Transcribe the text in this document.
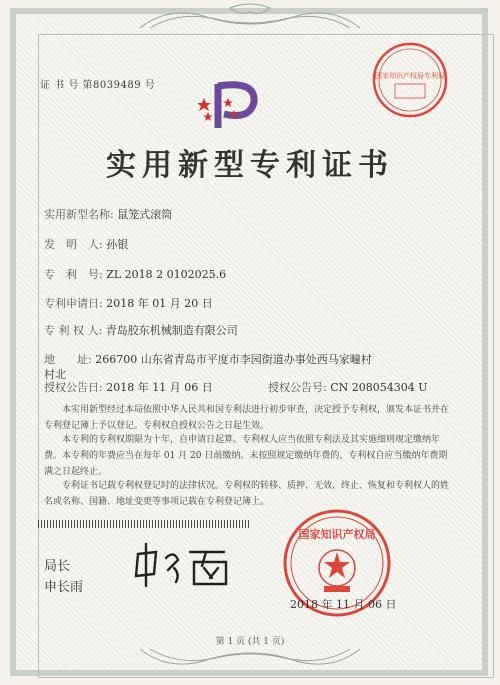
证 书 号 第8039489 号
国家知识产权局专利局
实用新型专利证书
实用新型名称: 鼠笼式滚筒
发　明　人: 孙银
专　利　号: ZL 2018 2 0102025.6
专利申请日: 2018 年 01 月 20 日
专 利 权 人: 青岛胶东机械制造有限公司
地　　址: 266700 山东省青岛市平度市李园街道办事处西马家疃村
村北
授权公告日: 2018 年 11 月 06 日	授权公告号: CN 208054304 U
本实用新型经过本局依照中华人民共和国专利法进行初步审查，决定授予专利权，颁发本证书并在专利登记簿上予以登记。专利权自授权公告之日起生效。
本专利的专利权期限为十年，自申请日起算。专利权人应当依照专利法及其实施细则规定缴纳年费。本专利的年费应当在每年 01 月 20 日前缴纳。未按照规定缴纳年费的，专利权自应当缴纳年费期满之日起终止。
专利证书记载专利权登记时的法律状况。专利权的转移、质押、无效、终止、恢复和专利权人的姓名或名称、国籍、地址变更等事项记载在专利登记簿上。
局长
申长雨
国家知识产权局
2018 年 11 月 06 日
第 1 页 (共 1 页)
